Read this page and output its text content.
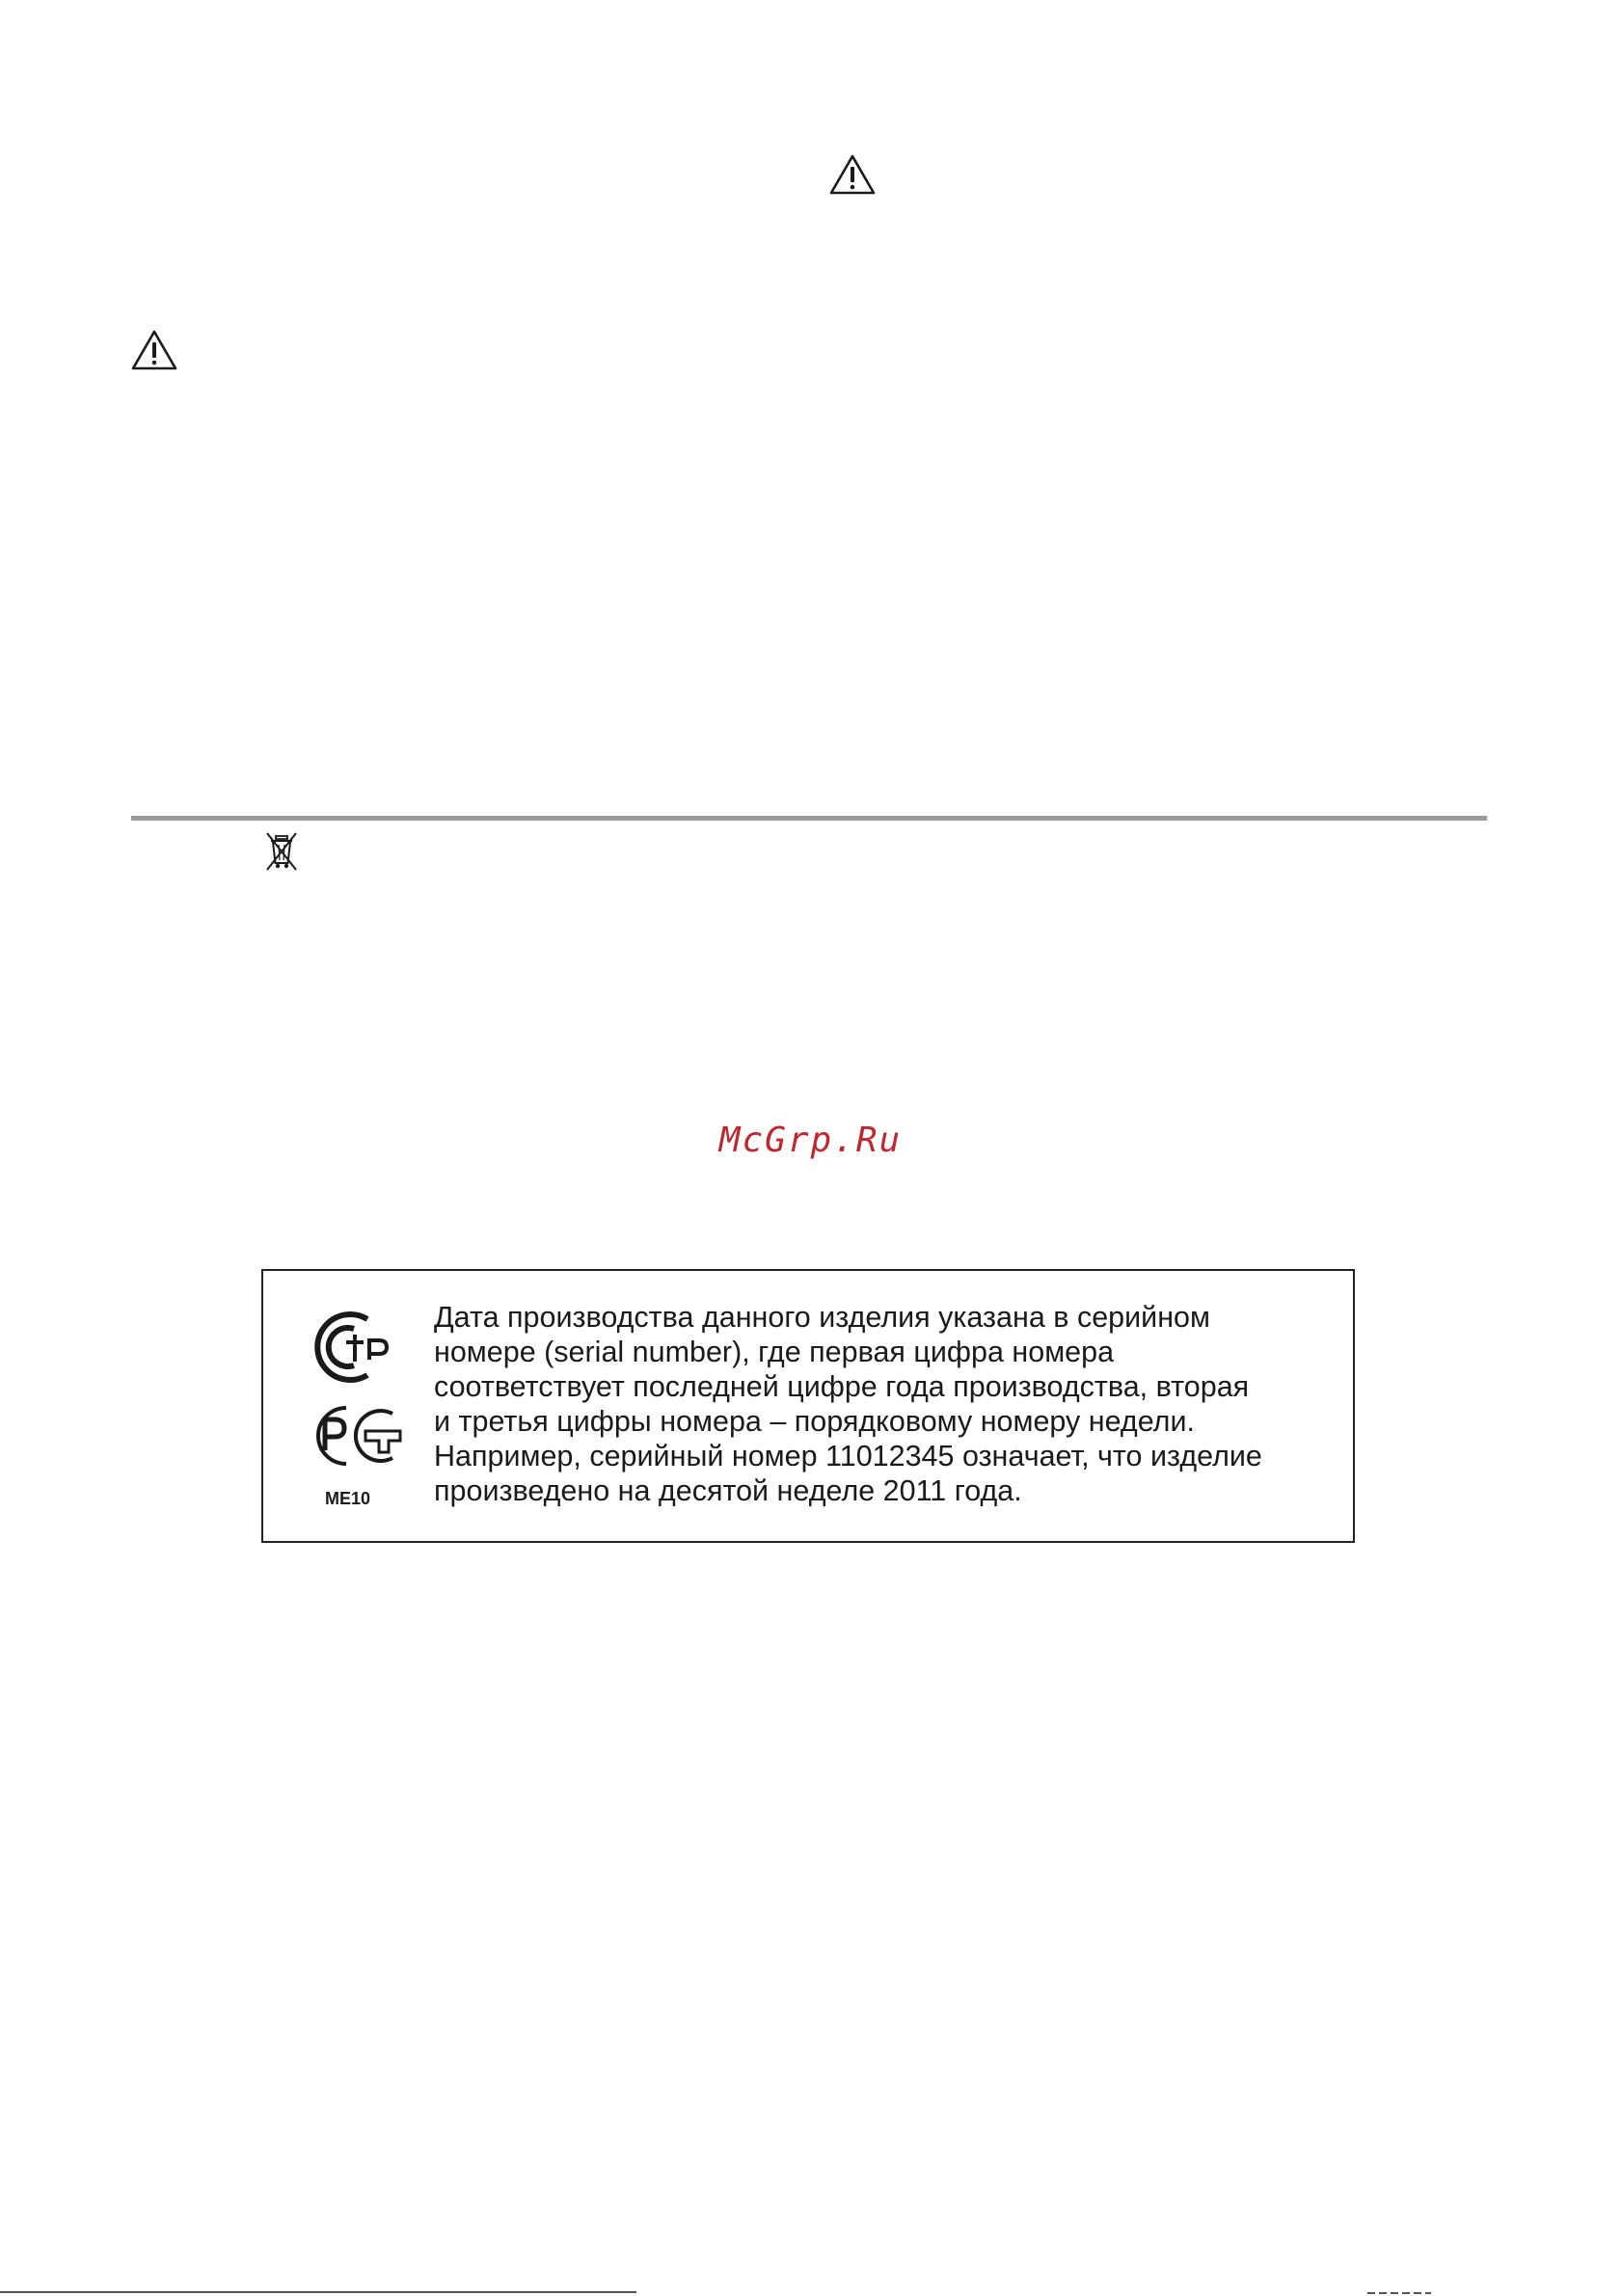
McGrp.Ru
ME10
Дата производства данного изделия указана в серийном
номере (serial number), где первая цифра номера
соответствует последней цифре года производства, вторая
и третья цифры номера – порядковому номеру недели.
Например, серийный номер 11012345 означает, что изделие
произведено на десятой неделе 2011 года.
